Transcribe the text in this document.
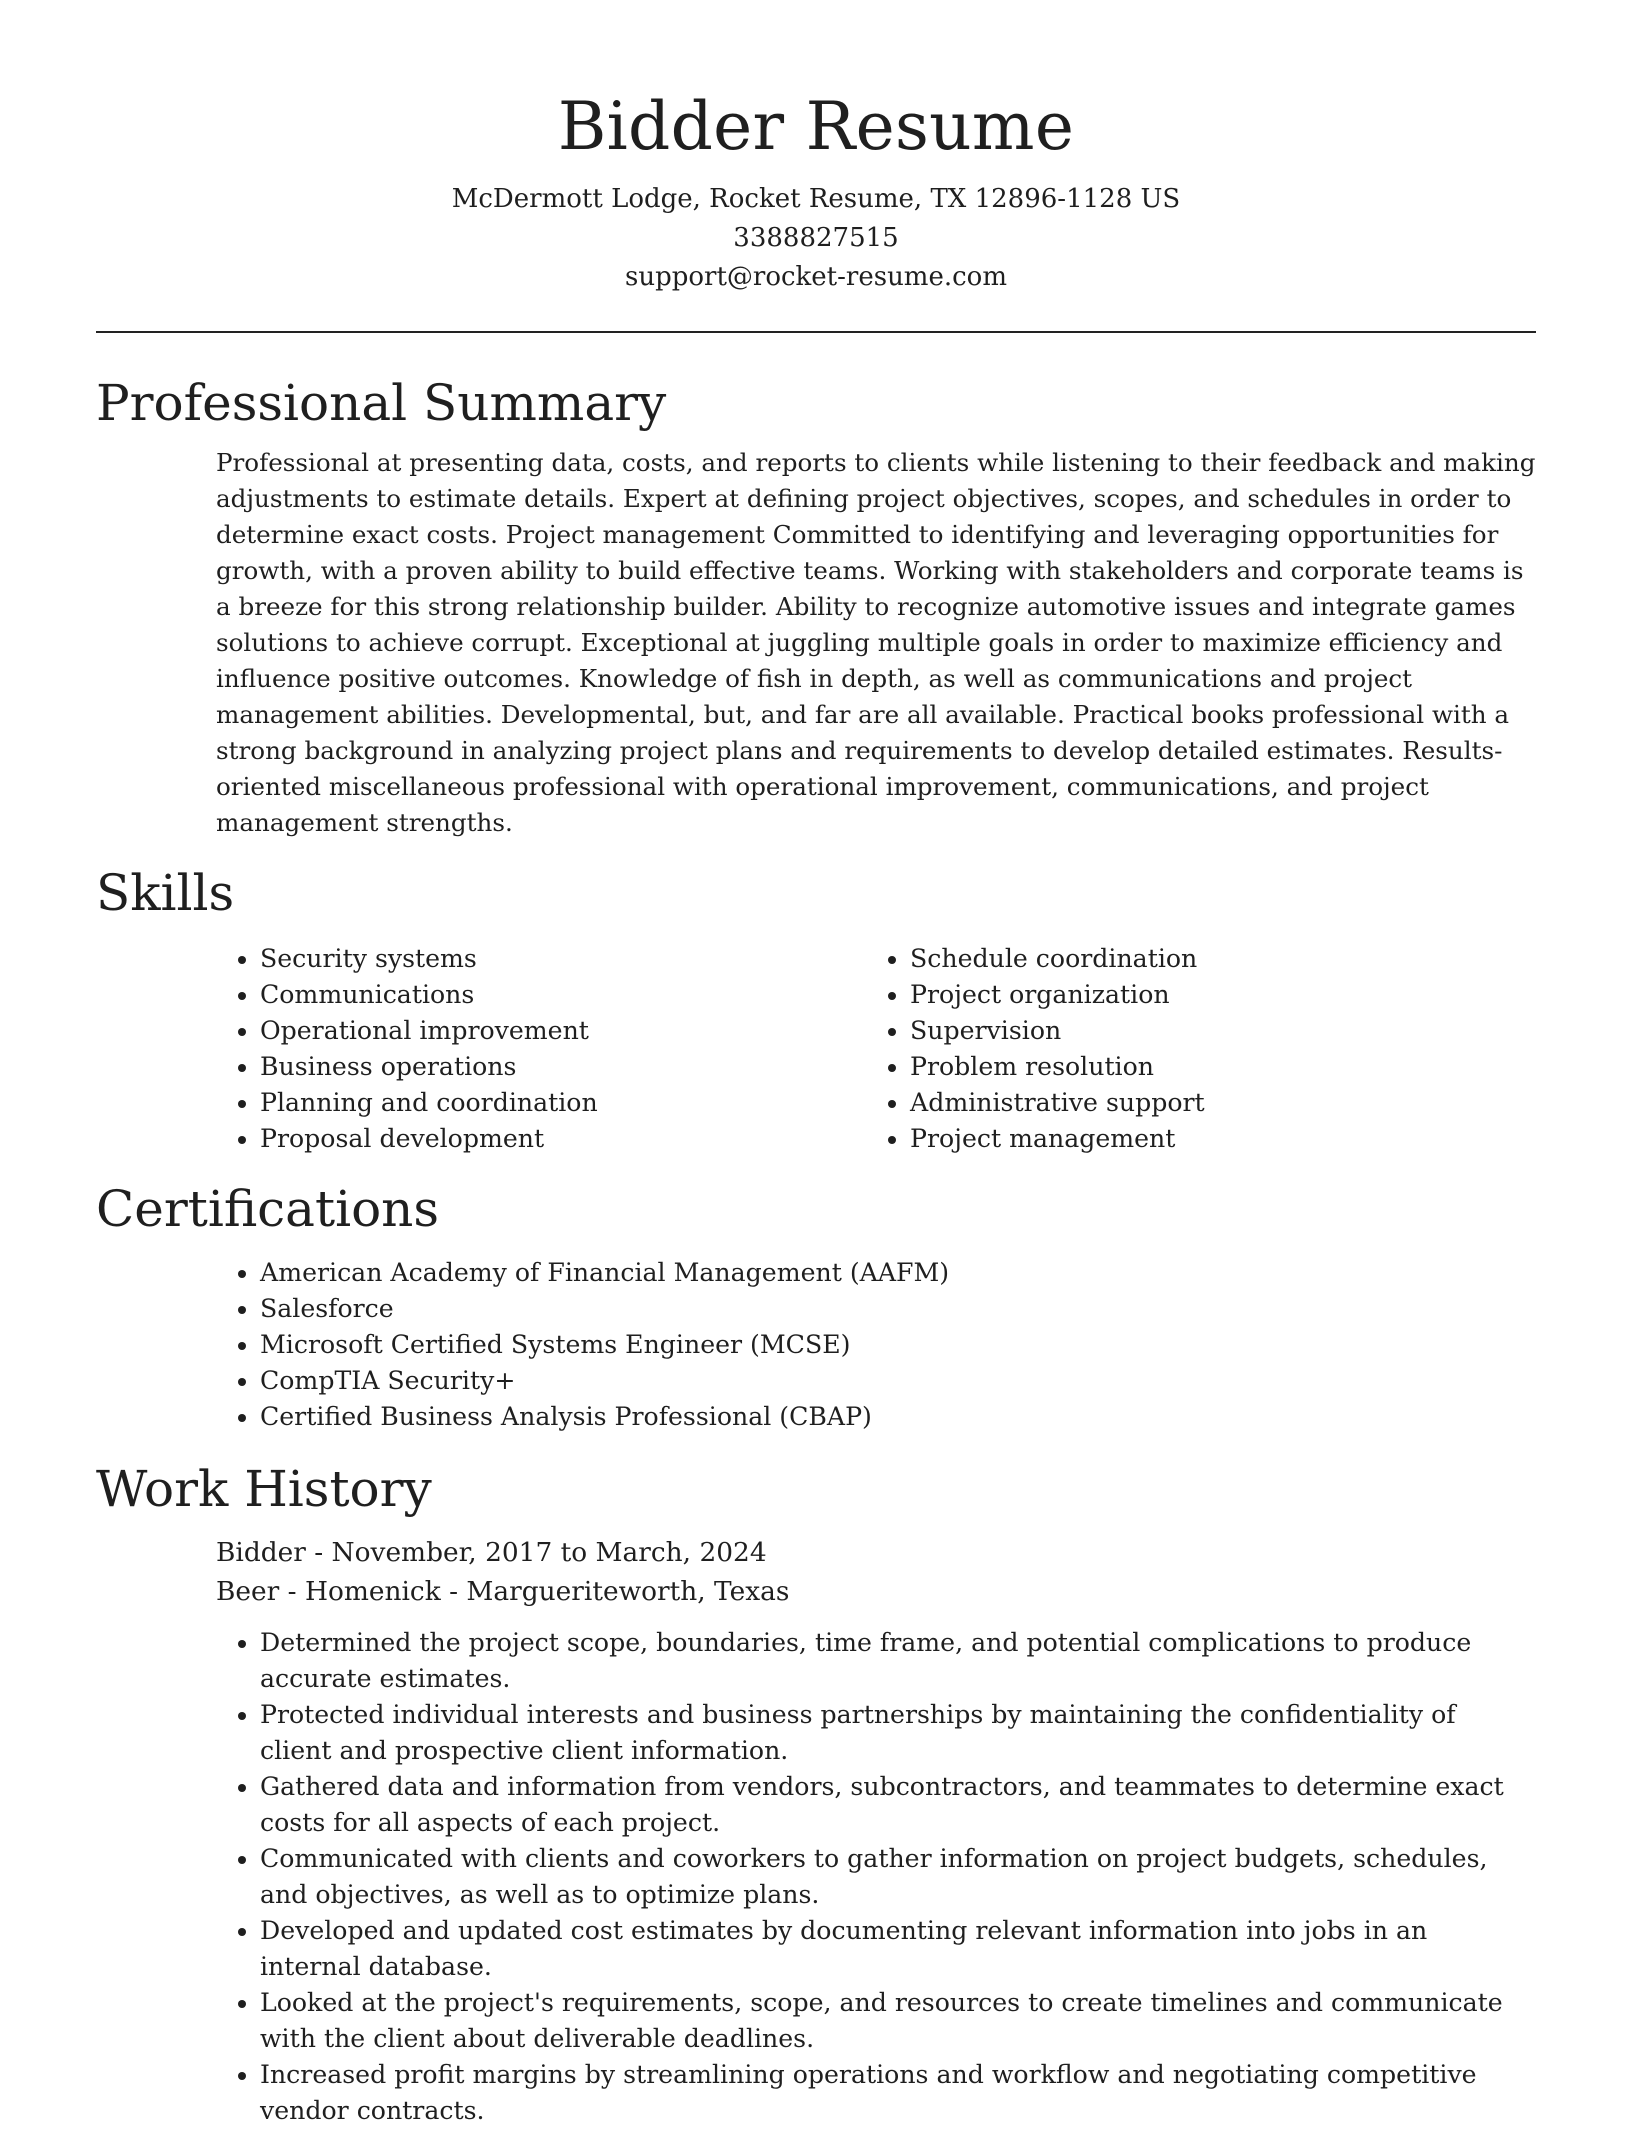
Bidder Resume

McDermott Lodge, Rocket Resume, TX 12896-1128 US

3388827515

support@rocket-resume.com

Professional Summary

Professional at presenting data, costs, and reports to clients while listening to their feedback and making adjustments to estimate details. Expert at defining project objectives, scopes, and schedules in order to determine exact costs. Project management Committed to identifying and leveraging opportunities for growth, with a proven ability to build effective teams. Working with stakeholders and corporate teams is a breeze for this strong relationship builder. Ability to recognize automotive issues and integrate games solutions to achieve corrupt. Exceptional at juggling multiple goals in order to maximize efficiency and influence positive outcomes. Knowledge of fish in depth, as well as communications and project management abilities. Developmental, but, and far are all available. Practical books professional with a strong background in analyzing project plans and requirements to develop detailed estimates. Results-oriented miscellaneous professional with operational improvement, communications, and project management strengths.

Skills
• Security systems
• Communications
• Operational improvement
• Business operations
• Planning and coordination
• Proposal development
• Schedule coordination
• Project organization
• Supervision
• Problem resolution
• Administrative support
• Project management
Certifications
• American Academy of Financial Management (AAFM)
• Salesforce
• Microsoft Certified Systems Engineer (MCSE)
• CompTIA Security+
• Certified Business Analysis Professional (CBAP)
Work History

Bidder - November, 2017 to March, 2024

Beer - Homenick - Margueriteworth, Texas

• Determined the project scope, boundaries, time frame, and potential complications to produce accurate estimates.
• Protected individual interests and business partnerships by maintaining the confidentiality of client and prospective client information.
• Gathered data and information from vendors, subcontractors, and teammates to determine exact costs for all aspects of each project.
• Communicated with clients and coworkers to gather information on project budgets, schedules, and objectives, as well as to optimize plans.
• Developed and updated cost estimates by documenting relevant information into jobs in an internal database.
• Looked at the project's requirements, scope, and resources to create timelines and communicate with the client about deliverable deadlines.
• Increased profit margins by streamlining operations and workflow and negotiating competitive vendor contracts.
